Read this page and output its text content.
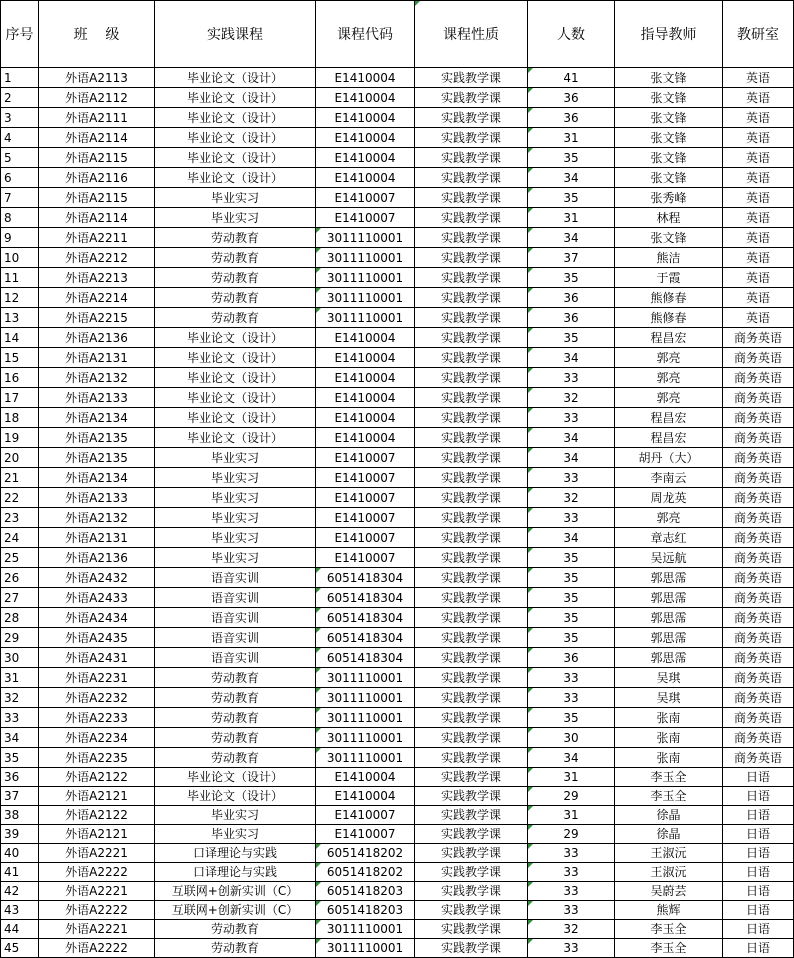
序号	班    级	实践课程	课程代码	课程性质	人数	指导教师	教研室
1	外语A2113	毕业论文（设计）	E1410004	实践教学课	41	张文锋	英语
2	外语A2112	毕业论文（设计）	E1410004	实践教学课	36	张文锋	英语
3	外语A2111	毕业论文（设计）	E1410004	实践教学课	36	张文锋	英语
4	外语A2114	毕业论文（设计）	E1410004	实践教学课	31	张文锋	英语
5	外语A2115	毕业论文（设计）	E1410004	实践教学课	35	张文锋	英语
6	外语A2116	毕业论文（设计）	E1410004	实践教学课	34	张文锋	英语
7	外语A2115	毕业实习	E1410007	实践教学课	35	张秀峰	英语
8	外语A2114	毕业实习	E1410007	实践教学课	31	林程	英语
9	外语A2211	劳动教育	3011110001	实践教学课	34	张文锋	英语
10	外语A2212	劳动教育	3011110001	实践教学课	37	熊洁	英语
11	外语A2213	劳动教育	3011110001	实践教学课	35	于霞	英语
12	外语A2214	劳动教育	3011110001	实践教学课	36	熊修春	英语
13	外语A2215	劳动教育	3011110001	实践教学课	36	熊修春	英语
14	外语A2136	毕业论文（设计）	E1410004	实践教学课	35	程昌宏	商务英语
15	外语A2131	毕业论文（设计）	E1410004	实践教学课	34	郭亮	商务英语
16	外语A2132	毕业论文（设计）	E1410004	实践教学课	33	郭亮	商务英语
17	外语A2133	毕业论文（设计）	E1410004	实践教学课	32	郭亮	商务英语
18	外语A2134	毕业论文（设计）	E1410004	实践教学课	33	程昌宏	商务英语
19	外语A2135	毕业论文（设计）	E1410004	实践教学课	34	程昌宏	商务英语
20	外语A2135	毕业实习	E1410007	实践教学课	34	胡丹（大）	商务英语
21	外语A2134	毕业实习	E1410007	实践教学课	33	李南云	商务英语
22	外语A2133	毕业实习	E1410007	实践教学课	32	周龙英	商务英语
23	外语A2132	毕业实习	E1410007	实践教学课	33	郭亮	商务英语
24	外语A2131	毕业实习	E1410007	实践教学课	34	章志红	商务英语
25	外语A2136	毕业实习	E1410007	实践教学课	35	吴远航	商务英语
26	外语A2432	语音实训	6051418304	实践教学课	35	郭思霈	商务英语
27	外语A2433	语音实训	6051418304	实践教学课	35	郭思霈	商务英语
28	外语A2434	语音实训	6051418304	实践教学课	35	郭思霈	商务英语
29	外语A2435	语音实训	6051418304	实践教学课	35	郭思霈	商务英语
30	外语A2431	语音实训	6051418304	实践教学课	36	郭思霈	商务英语
31	外语A2231	劳动教育	3011110001	实践教学课	33	吴琪	商务英语
32	外语A2232	劳动教育	3011110001	实践教学课	33	吴琪	商务英语
33	外语A2233	劳动教育	3011110001	实践教学课	35	张南	商务英语
34	外语A2234	劳动教育	3011110001	实践教学课	30	张南	商务英语
35	外语A2235	劳动教育	3011110001	实践教学课	34	张南	商务英语
36	外语A2122	毕业论文（设计）	E1410004	实践教学课	31	李玉全	日语
37	外语A2121	毕业论文（设计）	E1410004	实践教学课	29	李玉全	日语
38	外语A2122	毕业实习	E1410007	实践教学课	31	徐晶	日语
39	外语A2121	毕业实习	E1410007	实践教学课	29	徐晶	日语
40	外语A2221	口译理论与实践	6051418202	实践教学课	33	王淑沅	日语
41	外语A2222	口译理论与实践	6051418202	实践教学课	33	王淑沅	日语
42	外语A2221	互联网+创新实训（C）	6051418203	实践教学课	33	吴蔚芸	日语
43	外语A2222	互联网+创新实训（C）	6051418203	实践教学课	33	熊辉	日语
44	外语A2221	劳动教育	3011110001	实践教学课	32	李玉全	日语
45	外语A2222	劳动教育	3011110001	实践教学课	33	李玉全	日语
